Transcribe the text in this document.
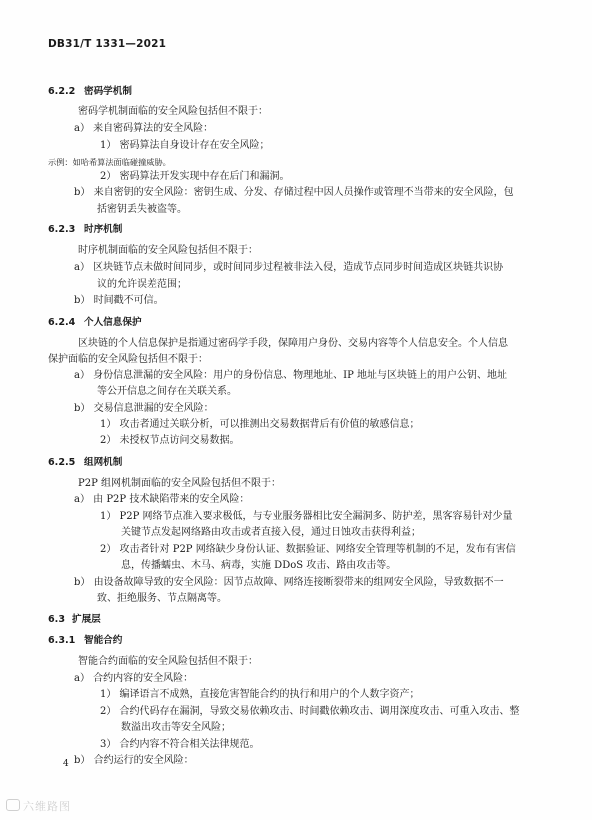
DB31/T 1331—2021
6.2.2 密码学机制
密码学机制面临的安全风险包括但不限于：
a） 来自密码算法的安全风险：
1） 密码算法自身设计存在安全风险；
示例：如哈希算法面临碰撞威胁。
2） 密码算法开发实现中存在后门和漏洞。
b） 来自密钥的安全风险：密钥生成、分发、存储过程中因人员操作或管理不当带来的安全风险，包
括密钥丢失被盗等。
6.2.3 时序机制
时序机制面临的安全风险包括但不限于：
a） 区块链节点未做时间同步，或时间同步过程被非法入侵，造成节点同步时间造成区块链共识协
议的允许误差范围；
b） 时间戳不可信。
6.2.4 个人信息保护
区块链的个人信息保护是指通过密码学手段，保障用户身份、交易内容等个人信息安全。个人信息
保护面临的安全风险包括但不限于：
a） 身份信息泄漏的安全风险：用户的身份信息、物理地址、IP 地址与区块链上的用户公钥、地址
等公开信息之间存在关联关系。
b） 交易信息泄漏的安全风险：
1） 攻击者通过关联分析，可以推测出交易数据背后有价值的敏感信息；
2） 未授权节点访问交易数据。
6.2.5 组网机制
P2P 组网机制面临的安全风险包括但不限于：
a） 由 P2P 技术缺陷带来的安全风险：
1） P2P 网络节点准入要求极低，与专业服务器相比安全漏洞多、防护差，黑客容易针对少量
关键节点发起网络路由攻击或者直接入侵，通过日蚀攻击获得利益；
2） 攻击者针对 P2P 网络缺少身份认证、数据验证、网络安全管理等机制的不足，发布有害信
息，传播蠕虫、木马、病毒，实施 DDoS 攻击、路由攻击等。
b） 由设备故障导致的安全风险：因节点故障、网络连接断裂带来的组网安全风险，导致数据不一
致、拒绝服务、节点隔离等。
6.3 扩展层
6.3.1 智能合约
智能合约面临的安全风险包括但不限于：
a） 合约内容的安全风险：
1） 编译语言不成熟，直接危害智能合约的执行和用户的个人数字资产；
2） 合约代码存在漏洞，导致交易依赖攻击、时间戳依赖攻击、调用深度攻击、可重入攻击、整
数溢出攻击等安全风险；
3） 合约内容不符合相关法律规范。
b） 合约运行的安全风险：
4
六维路图
